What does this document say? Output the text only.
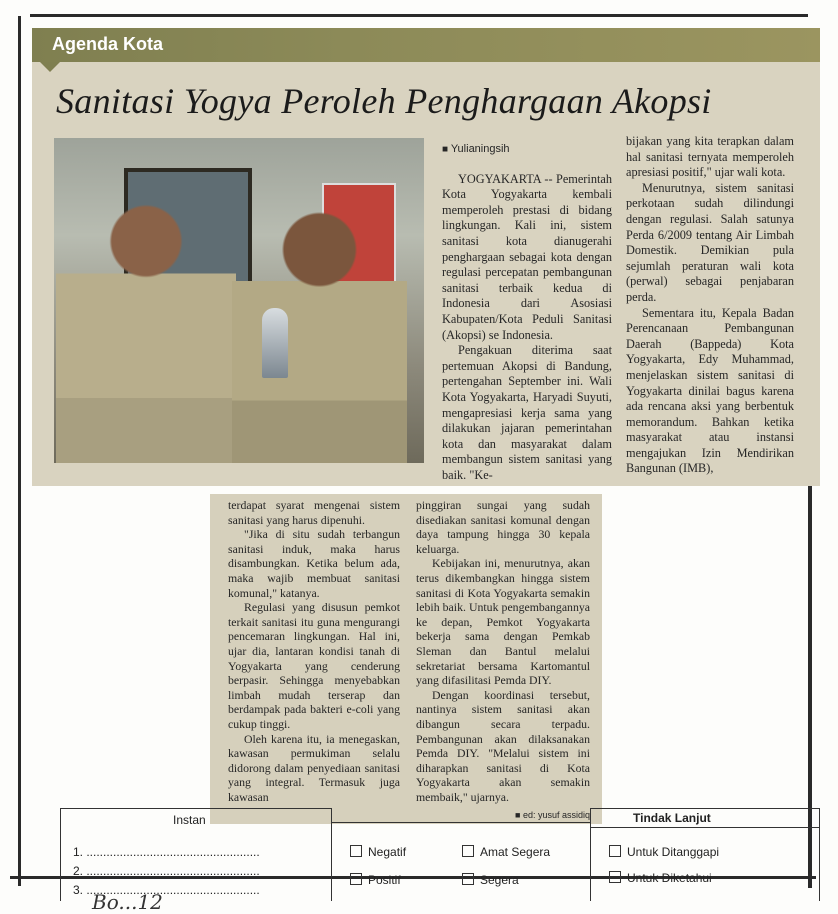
Agenda Kota
Sanitasi Yogya Peroleh Penghargaan Akopsi

■ Yulianingsih

YOGYAKARTA -- Pemerintah Kota Yogyakarta kembali memperoleh prestasi di bidang lingkungan. Kali ini, sistem sanitasi kota dianugerahi penghargaan sebagai kota dengan regulasi percepatan pembangunan sanitasi terbaik kedua di Indonesia dari Asosiasi Kabupaten/Kota Peduli Sanitasi (Akopsi) se Indonesia.

Pengakuan diterima saat pertemuan Akopsi di Bandung, pertengahan September ini. Wali Kota Yogyakarta, Haryadi Suyuti, mengapresiasi kerja sama yang dilakukan jajaran pemerintahan kota dan masyarakat dalam membangun sistem sanitasi yang baik. "Ke-

bijakan yang kita terapkan dalam hal sanitasi ternyata memperoleh apresiasi positif," ujar wali kota.

Menurutnya, sistem sanitasi perkotaan sudah dilindungi dengan regulasi. Salah satunya Perda 6/2009 tentang Air Limbah Domestik. Demikian pula sejumlah peraturan wali kota (perwal) sebagai penjabaran perda.

Sementara itu, Kepala Badan Perencanaan Pembangunan Daerah (Bappeda) Kota Yogyakarta, Edy Muhammad, menjelaskan sistem sanitasi di Yogyakarta dinilai bagus karena ada rencana aksi yang berbentuk memorandum. Bahkan ketika masyarakat atau instansi mengajukan Izin Mendirikan Bangunan (IMB),

terdapat syarat mengenai sistem sanitasi yang harus dipenuhi.

"Jika di situ sudah terbangun sanitasi induk, maka harus disambungkan. Ketika belum ada, maka wajib membuat sanitasi komunal," katanya.

Regulasi yang disusun pemkot terkait sanitasi itu guna mengurangi pencemaran lingkungan. Hal ini, ujar dia, lantaran kondisi tanah di Yogyakarta yang cenderung berpasir. Sehingga menyebabkan limbah mudah terserap dan berdampak pada bakteri e-coli yang cukup tinggi.

Oleh karena itu, ia menegaskan, kawasan permukiman selalu didorong dalam penyediaan sanitasi yang integral. Termasuk juga kawasan

pinggiran sungai yang sudah disediakan sanitasi komunal dengan daya tampung hingga 30 kepala keluarga.

Kebijakan ini, menurutnya, akan terus dikembangkan hingga sistem sanitasi di Kota Yogyakarta semakin lebih baik. Untuk pengembangannya ke depan, Pemkot Yogyakarta bekerja sama dengan Pemkab Sleman dan Bantul melalui sekretariat bersama Kartomantul yang difasilitasi Pemda DIY.

Dengan koordinasi tersebut, nantinya sistem sanitasi akan dibangun secara terpadu. Pembangunan akan dilaksanakan Pemda DIY. "Melalui sistem ini diharapkan sanitasi di Kota Yogyakarta akan semakin membaik," ujarnya.

■ ed: yusuf assidiq

Instan
1. ....................................................
2. ....................................................
3. ....................................................
Negatif
Positif
Amat Segera
Segera
Tindak Lanjut
Untuk Ditanggapi
Untuk Diketahui
Bo...12
